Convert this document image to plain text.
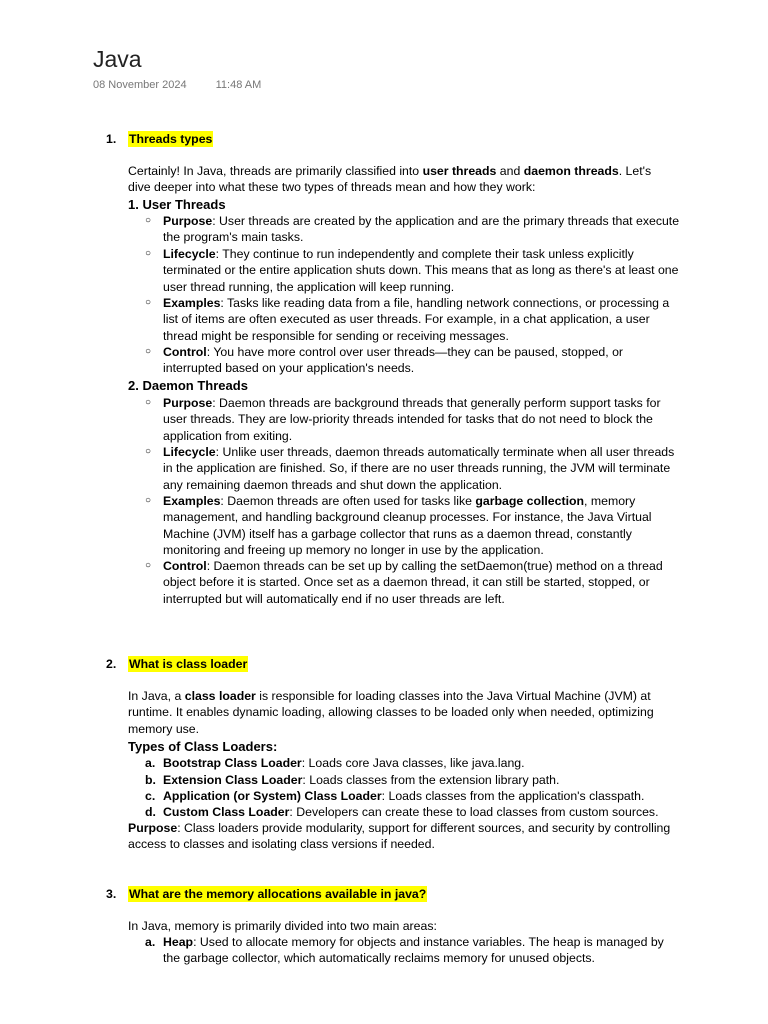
Java
08 November 2024	11:48 AM
1. Threads types
Certainly! In Java, threads are primarily classified into user threads and daemon threads. Let's dive deeper into what these two types of threads mean and how they work:
1. User Threads
○ Purpose: User threads are created by the application and are the primary threads that execute the program's main tasks.
○ Lifecycle: They continue to run independently and complete their task unless explicitly terminated or the entire application shuts down. This means that as long as there's at least one user thread running, the application will keep running.
○ Examples: Tasks like reading data from a file, handling network connections, or processing a list of items are often executed as user threads. For example, in a chat application, a user thread might be responsible for sending or receiving messages.
○ Control: You have more control over user threads—they can be paused, stopped, or interrupted based on your application's needs.
2. Daemon Threads
○ Purpose: Daemon threads are background threads that generally perform support tasks for user threads. They are low-priority threads intended for tasks that do not need to block the application from exiting.
○ Lifecycle: Unlike user threads, daemon threads automatically terminate when all user threads in the application are finished. So, if there are no user threads running, the JVM will terminate any remaining daemon threads and shut down the application.
○ Examples: Daemon threads are often used for tasks like garbage collection, memory management, and handling background cleanup processes. For instance, the Java Virtual Machine (JVM) itself has a garbage collector that runs as a daemon thread, constantly monitoring and freeing up memory no longer in use by the application.
○ Control: Daemon threads can be set up by calling the setDaemon(true) method on a thread object before it is started. Once set as a daemon thread, it can still be started, stopped, or interrupted but will automatically end if no user threads are left.
2. What is class loader
In Java, a class loader is responsible for loading classes into the Java Virtual Machine (JVM) at runtime. It enables dynamic loading, allowing classes to be loaded only when needed, optimizing memory use.
Types of Class Loaders:
a. Bootstrap Class Loader: Loads core Java classes, like java.lang.
b. Extension Class Loader: Loads classes from the extension library path.
c. Application (or System) Class Loader: Loads classes from the application's classpath.
d. Custom Class Loader: Developers can create these to load classes from custom sources.
Purpose: Class loaders provide modularity, support for different sources, and security by controlling access to classes and isolating class versions if needed.
3. What are the memory allocations available in java?
In Java, memory is primarily divided into two main areas:
a. Heap: Used to allocate memory for objects and instance variables. The heap is managed by the garbage collector, which automatically reclaims memory for unused objects.
